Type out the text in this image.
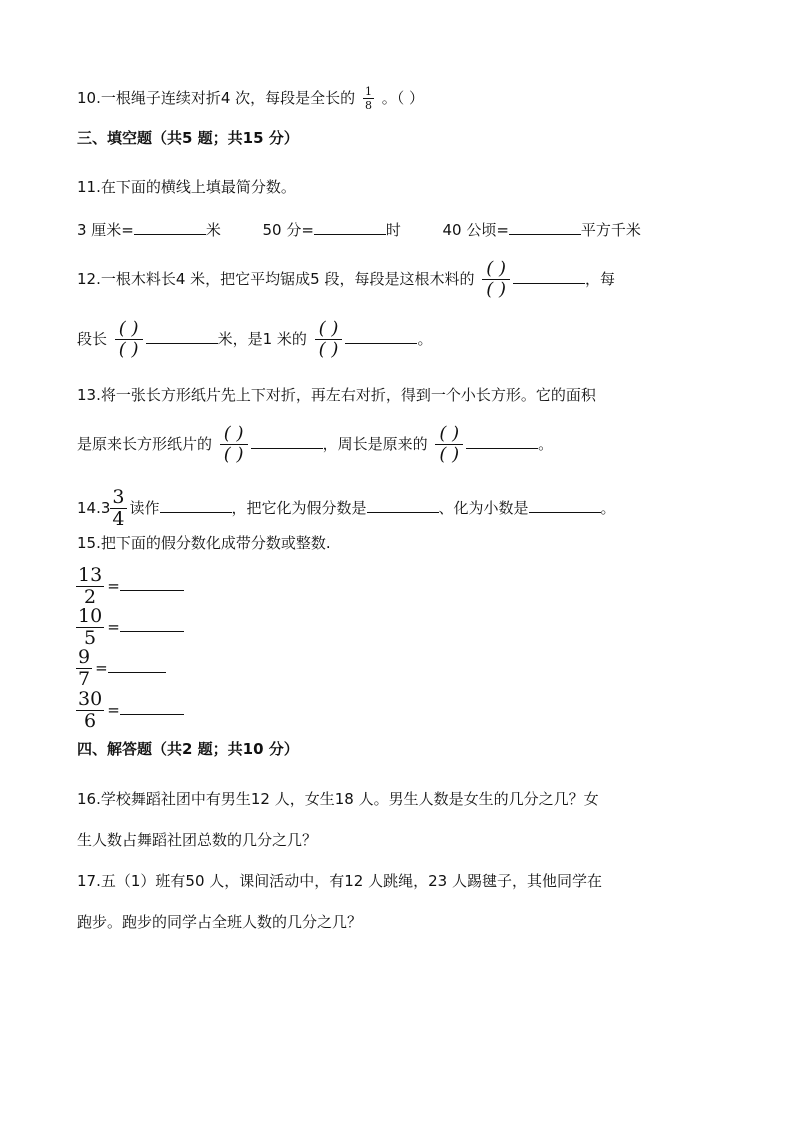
10.一根绳子连续对折4 次，每段是全长的 $\frac{1}{8}$ 。（ ）
三、填空题（共5 题；共15 分）
11.在下面的横线上填最简分数。
3 厘米=	米	50 分=	时	40 公顷=	平方千米
12.一根木料长4 米，把它平均锯成5 段，每段是这根木料的 $\frac{( )}{( )}$	，每
段长 $\frac{( )}{( )}$	米，是1 米的 $\frac{( )}{( )}$	。
13.将一张长方形纸片先上下对折，再左右对折，得到一个小长方形。它的面积
是原来长方形纸片的 $\frac{( )}{( )}$	，周长是原来的 $\frac{( )}{( )}$	。
$14.3 \frac{3}{4}$ 读作	，把它化为假分数是	、化为小数是	。
15.把下面的假分数化成带分数或整数.
$\frac{13}{2}$ =
$\frac{10}{5}$ =
$\frac{9}{7}$ =
$\frac{30}{6}$ =
四、解答题（共2 题；共10 分）
16.学校舞蹈社团中有男生12 人，女生18 人。男生人数是女生的几分之几？女
生人数占舞蹈社团总数的几分之几？
17.五（1）班有50 人，课间活动中，有12 人跳绳，23 人踢毽子，其他同学在
跑步。跑步的同学占全班人数的几分之几？
